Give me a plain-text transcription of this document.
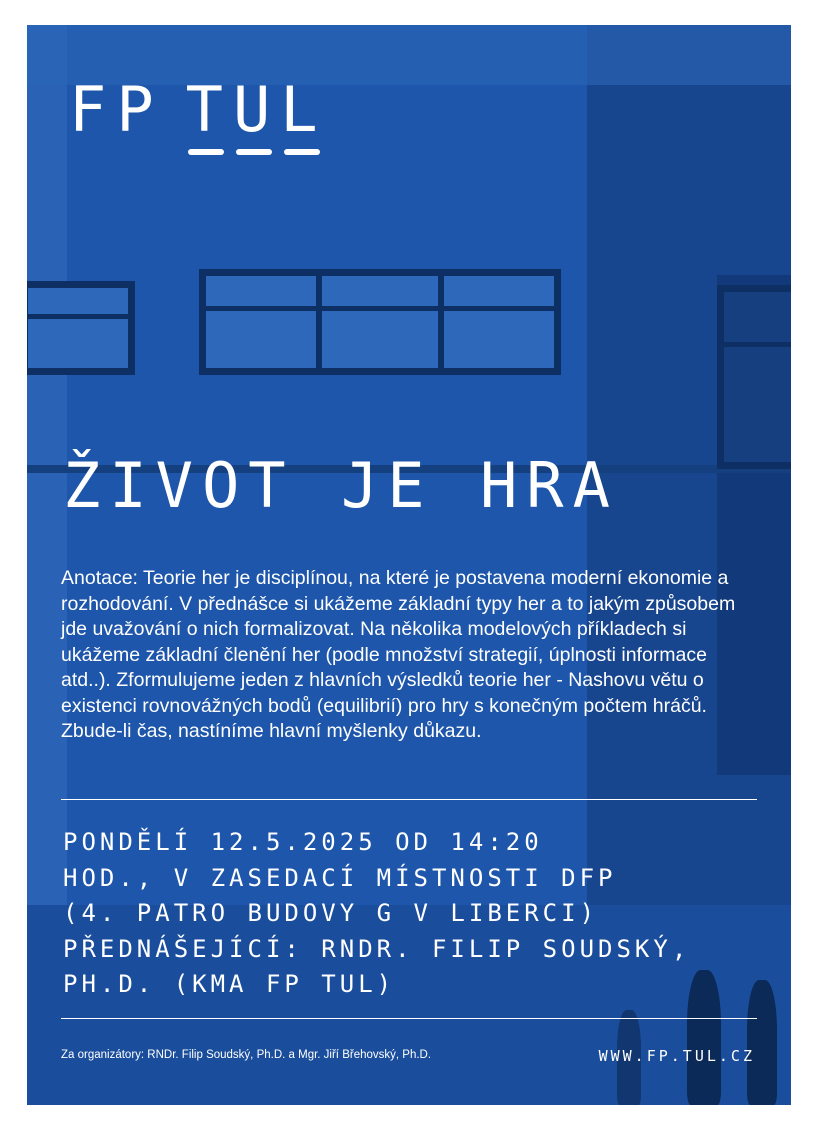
FP TUL
ŽIVOT JE HRA

Anotace: Teorie her je disciplínou, na které je postavena moderní ekonomie a rozhodování. V přednášce si ukážeme základní typy her a to jakým způsobem jde uvažování o nich formalizovat. Na několika modelových příkladech si ukážeme základní členění her (podle množství strategií, úplnosti informace atd..). Zformulujeme jeden z hlavních výsledků teorie her - Nashovu větu o existenci rovnovážných bodů (equilibrií) pro hry s konečným počtem hráčů. Zbude-li čas, nastíníme hlavní myšlenky důkazu.

PONDĚLÍ 12.5.2025 OD 14:20
HOD., V ZASEDACÍ MÍSTNOSTI DFP
(4. PATRO BUDOVY G V LIBERCI)
PŘEDNÁŠEJÍCÍ: RNDR. FILIP SOUDSKÝ,
PH.D. (KMA FP TUL)
Za organizátory: RNDr. Filip Soudský, Ph.D. a Mgr. Jiří Břehovský, Ph.D.	WWW.FP.TUL.CZ
